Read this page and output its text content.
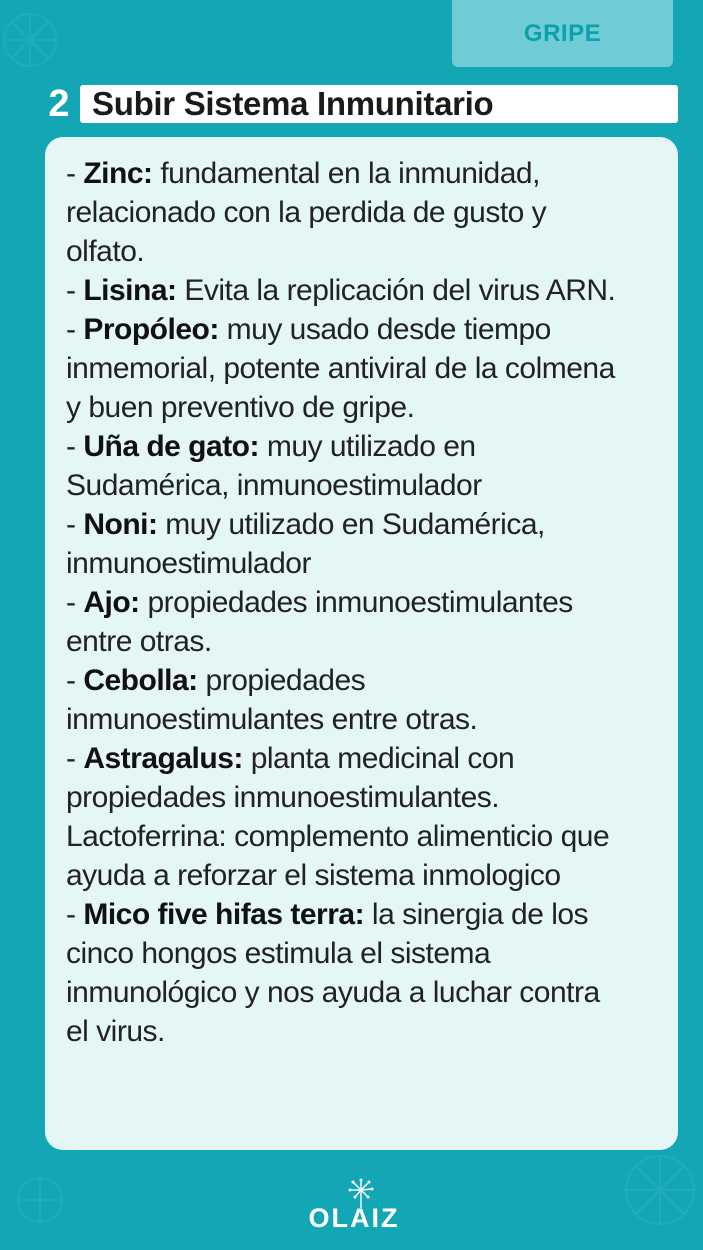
GRIPE
2 Subir Sistema Inmunitario

- Zinc: fundamental en la inmunidad,
relacionado con la perdida de gusto y
olfato.

- Lisina: Evita la replicación del virus ARN.

- Propóleo: muy usado desde tiempo
inmemorial, potente antiviral de la colmena
y buen preventivo de gripe.

- Uña de gato: muy utilizado en
Sudamérica, inmunoestimulador

- Noni: muy utilizado en Sudamérica,
inmunoestimulador

- Ajo: propiedades inmunoestimulantes
entre otras.

- Cebolla: propiedades
inmunoestimulantes entre otras.

- Astragalus: planta medicinal con
propiedades inmunoestimulantes.
Lactoferrina: complemento alimenticio que
ayuda a reforzar el sistema inmologico

- Mico five hifas terra: la sinergia de los
cinco hongos estimula el sistema
inmunológico y nos ayuda a luchar contra
el virus.

OLAIZ
